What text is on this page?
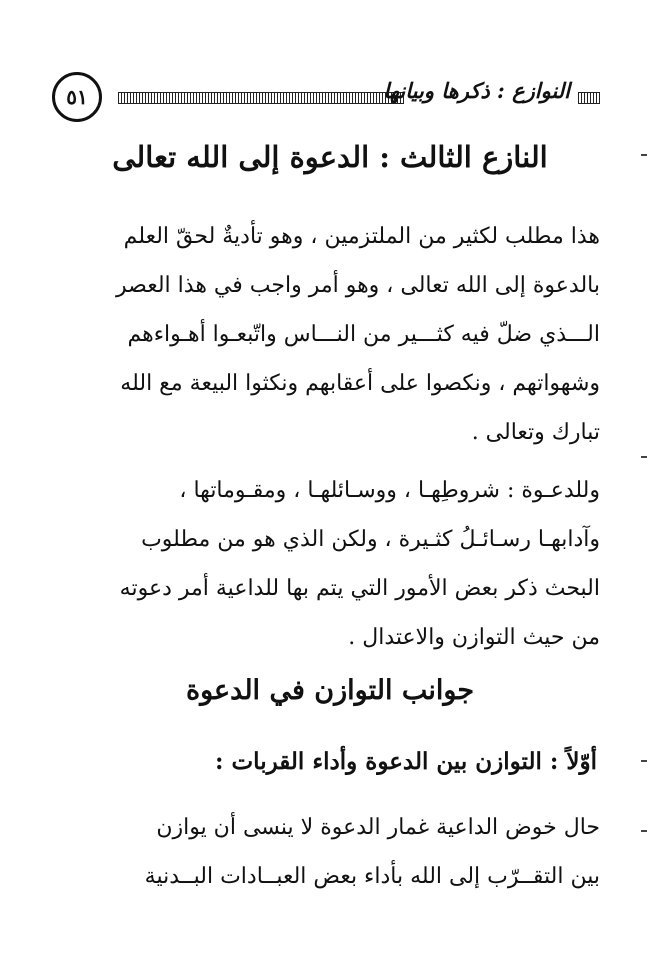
٥١	النوازع : ذكرها وبيانها
النازع الثالث : الدعوة إلى الله تعالى
هذا مطلب لكثير من الملتزمين ، وهو تأديةٌ لحقّ العلم
بالدعوة إلى الله تعالى ، وهو أمر واجب في هذا العصر
الـــذي ضلّ فيه كثـــير من النـــاس واتّبعـوا أهـواءهم
وشهواتهم ، ونكصوا على أعقابهم ونكثوا البيعة مع الله
تبارك وتعالى .
وللدعـوة : شروطِهـا ، ووسـائلهـا ، ومقـوماتها ،
وآدابهـا رسـائـلُ كثـيرة ، ولكن الذي هو من مطلوب
البحث ذكر بعض الأمور التي يتم بها للداعية أمر دعوته
من حيث التوازن والاعتدال .
جوانب التوازن في الدعوة
أوّلاً : التوازن بين الدعوة وأداء القربات :
حال خوض الداعية غمار الدعوة لا ينسى أن يوازن
بين التقــرّب إلى الله بأداء بعض العبــادات البــدنية
